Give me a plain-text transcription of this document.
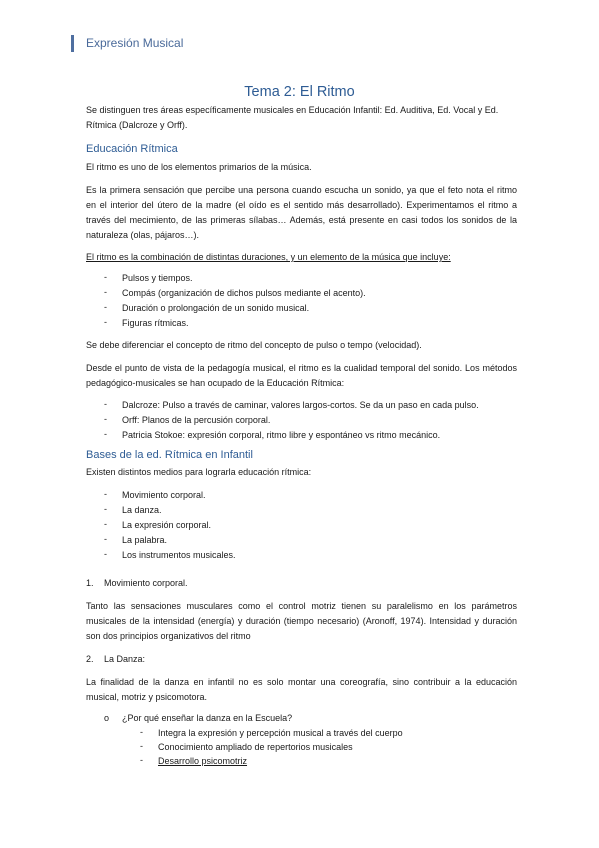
Expresión Musical
Tema 2: El Ritmo
Se distinguen tres áreas específicamente musicales en Educación Infantil: Ed. Auditiva, Ed. Vocal y Ed. Rítmica (Dalcroze y Orff).
Educación Rítmica
El ritmo es uno de los elementos primarios de la música.
Es la primera sensación que percibe una persona cuando escucha un sonido, ya que el feto nota el ritmo en el interior del útero de la madre (el oído es el sentido más desarrollado). Experimentamos el ritmo a través del mecimiento, de las primeras sílabas… Además, está presente en casi todos los sonidos de la naturaleza (olas, pájaros…).
El ritmo es la combinación de distintas duraciones, y un elemento de la música que incluye:
- Pulsos y tiempos.
- Compás (organización de dichos pulsos mediante el acento).
- Duración o prolongación de un sonido musical.
- Figuras rítmicas.
Se debe diferenciar el concepto de ritmo del concepto de pulso o tempo (velocidad).
Desde el punto de vista de la pedagogía musical, el ritmo es la cualidad temporal del sonido. Los métodos pedagógico-musicales se han ocupado de la Educación Rítmica:
- Dalcroze: Pulso a través de caminar, valores largos-cortos. Se da un paso en cada pulso.
- Orff: Planos de la percusión corporal.
- Patricia Stokoe: expresión corporal, ritmo libre y espontáneo vs ritmo mecánico.
Bases de la ed. Rítmica en Infantil
Existen distintos medios para lograrla educación rítmica:
- Movimiento corporal.
- La danza.
- La expresión corporal.
- La palabra.
- Los instrumentos musicales.
1. Movimiento corporal.
Tanto las sensaciones musculares como el control motriz tienen su paralelismo en los parámetros musicales de la intensidad (energía) y duración (tiempo necesario) (Aronoff, 1974). Intensidad y duración son dos principios organizativos del ritmo
2. La Danza:
La finalidad de la danza en infantil no es solo montar una coreografía, sino contribuir a la educación musical, motriz y psicomotora.
o ¿Por qué enseñar la danza en la Escuela?
- Integra la expresión y percepción musical a través del cuerpo
- Conocimiento ampliado de repertorios musicales
- Desarrollo psicomotriz
